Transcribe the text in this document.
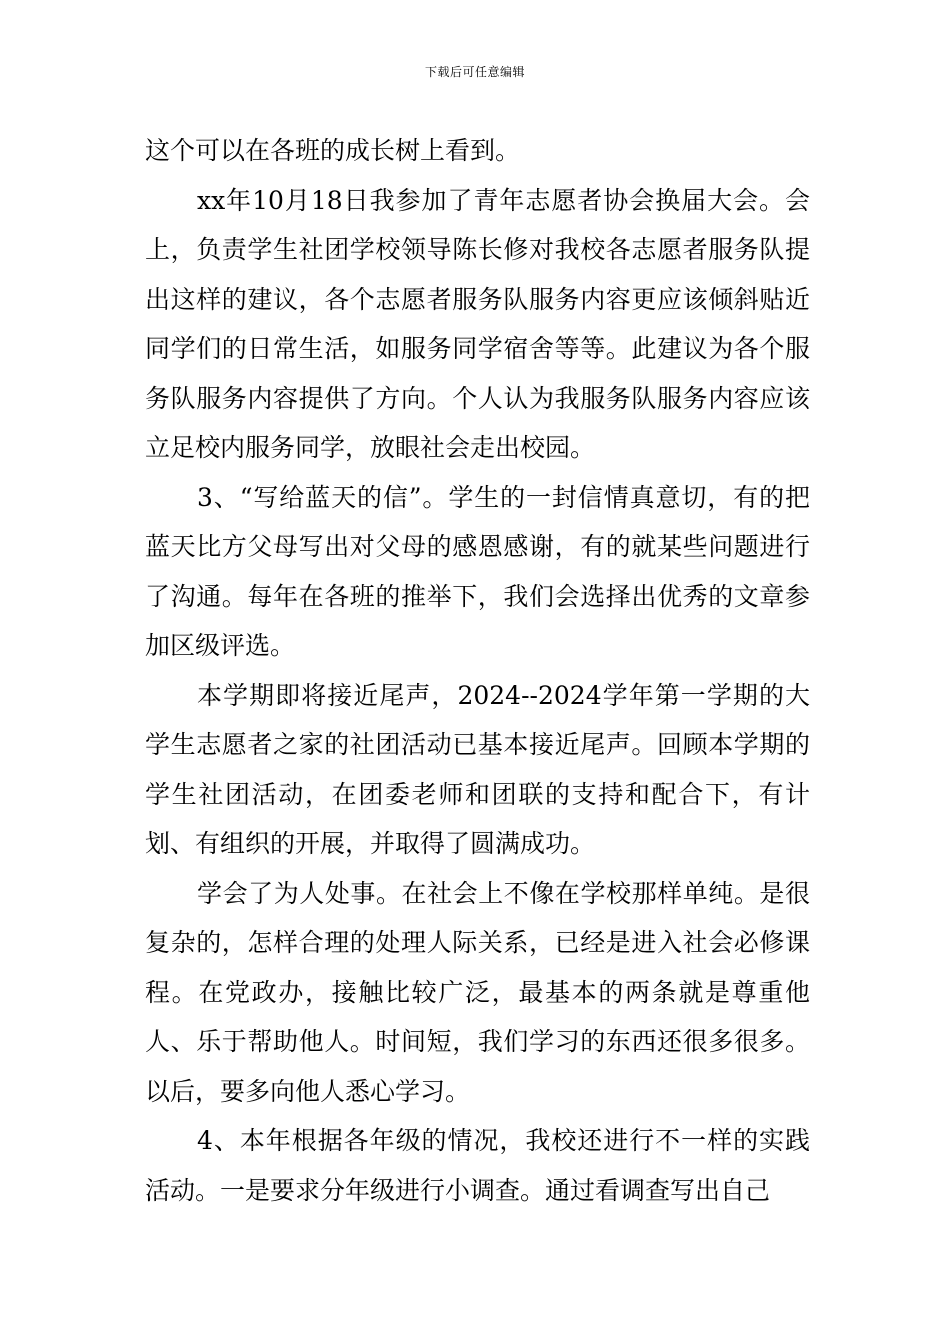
下载后可任意编辑

这个可以在各班的成长树上看到。

xx年10月18日我参加了青年志愿者协会换届大会。会上，负责学生社团学校领导陈长修对我校各志愿者服务队提出这样的建议，各个志愿者服务队服务内容更应该倾斜贴近同学们的日常生活，如服务同学宿舍等等。此建议为各个服务队服务内容提供了方向。个人认为我服务队服务内容应该立足校内服务同学，放眼社会走出校园。

3、“写给蓝天的信”。学生的一封信情真意切，有的把蓝天比方父母写出对父母的感恩感谢，有的就某些问题进行了沟通。每年在各班的推举下，我们会选择出优秀的文章参加区级评选。

本学期即将接近尾声，2024--2024学年第一学期的大学生志愿者之家的社团活动已基本接近尾声。回顾本学期的学生社团活动，在团委老师和团联的支持和配合下，有计划、有组织的开展，并取得了圆满成功。

学会了为人处事。在社会上不像在学校那样单纯。是很复杂的，怎样合理的处理人际关系，已经是进入社会必修课程。在党政办，接触比较广泛，最基本的两条就是尊重他人、乐于帮助他人。时间短，我们学习的东西还很多很多。以后，要多向他人悉心学习。

4、本年根据各年级的情况，我校还进行不一样的实践活动。一是要求分年级进行小调查。通过看调查写出自己
